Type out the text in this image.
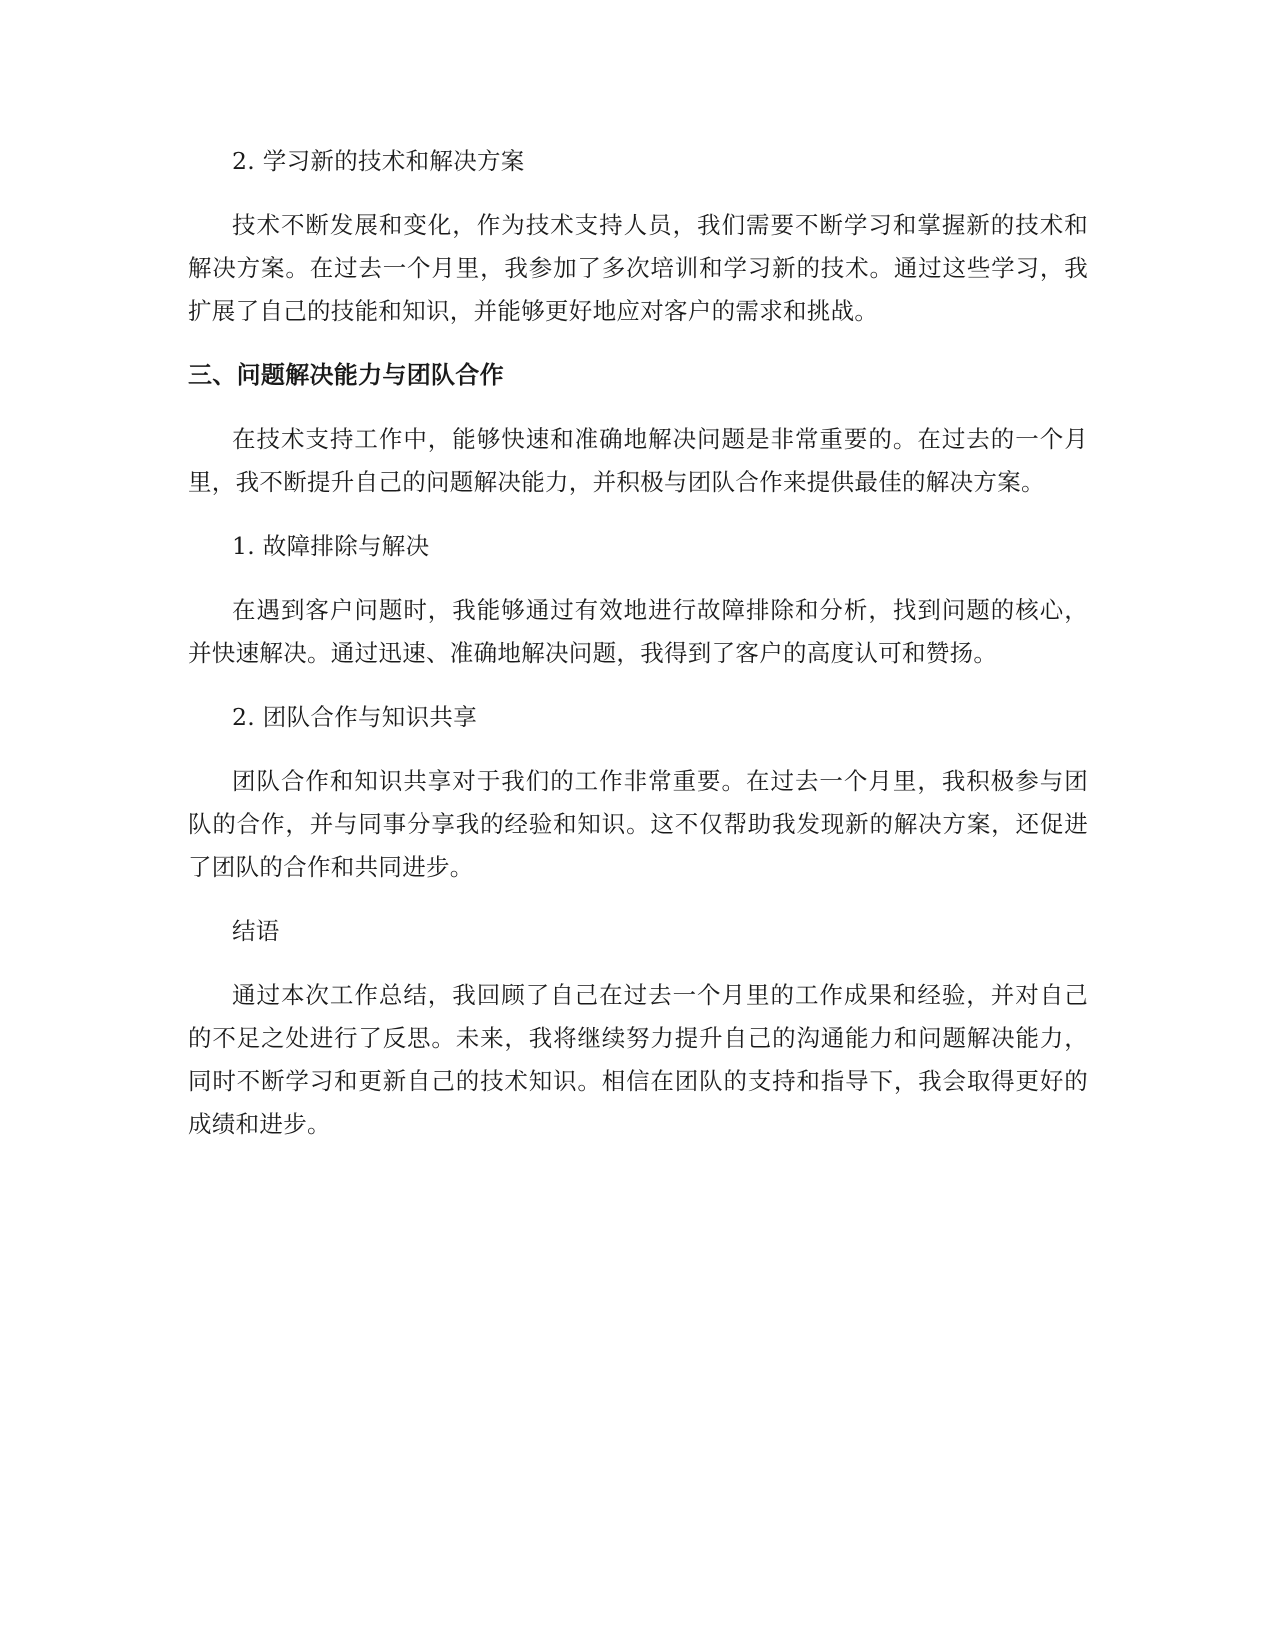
2. 学习新的技术和解决方案

技术不断发展和变化，作为技术支持人员，我们需要不断学习和掌握新的技术和解决方案。在过去一个月里，我参加了多次培训和学习新的技术。通过这些学习，我扩展了自己的技能和知识，并能够更好地应对客户的需求和挑战。

三、问题解决能力与团队合作

在技术支持工作中，能够快速和准确地解决问题是非常重要的。在过去的一个月里，我不断提升自己的问题解决能力，并积极与团队合作来提供最佳的解决方案。

1. 故障排除与解决

在遇到客户问题时，我能够通过有效地进行故障排除和分析，找到问题的核心，并快速解决。通过迅速、准确地解决问题，我得到了客户的高度认可和赞扬。

2. 团队合作与知识共享

团队合作和知识共享对于我们的工作非常重要。在过去一个月里，我积极参与团队的合作，并与同事分享我的经验和知识。这不仅帮助我发现新的解决方案，还促进了团队的合作和共同进步。

结语

通过本次工作总结，我回顾了自己在过去一个月里的工作成果和经验，并对自己的不足之处进行了反思。未来，我将继续努力提升自己的沟通能力和问题解决能力，同时不断学习和更新自己的技术知识。相信在团队的支持和指导下，我会取得更好的成绩和进步。
